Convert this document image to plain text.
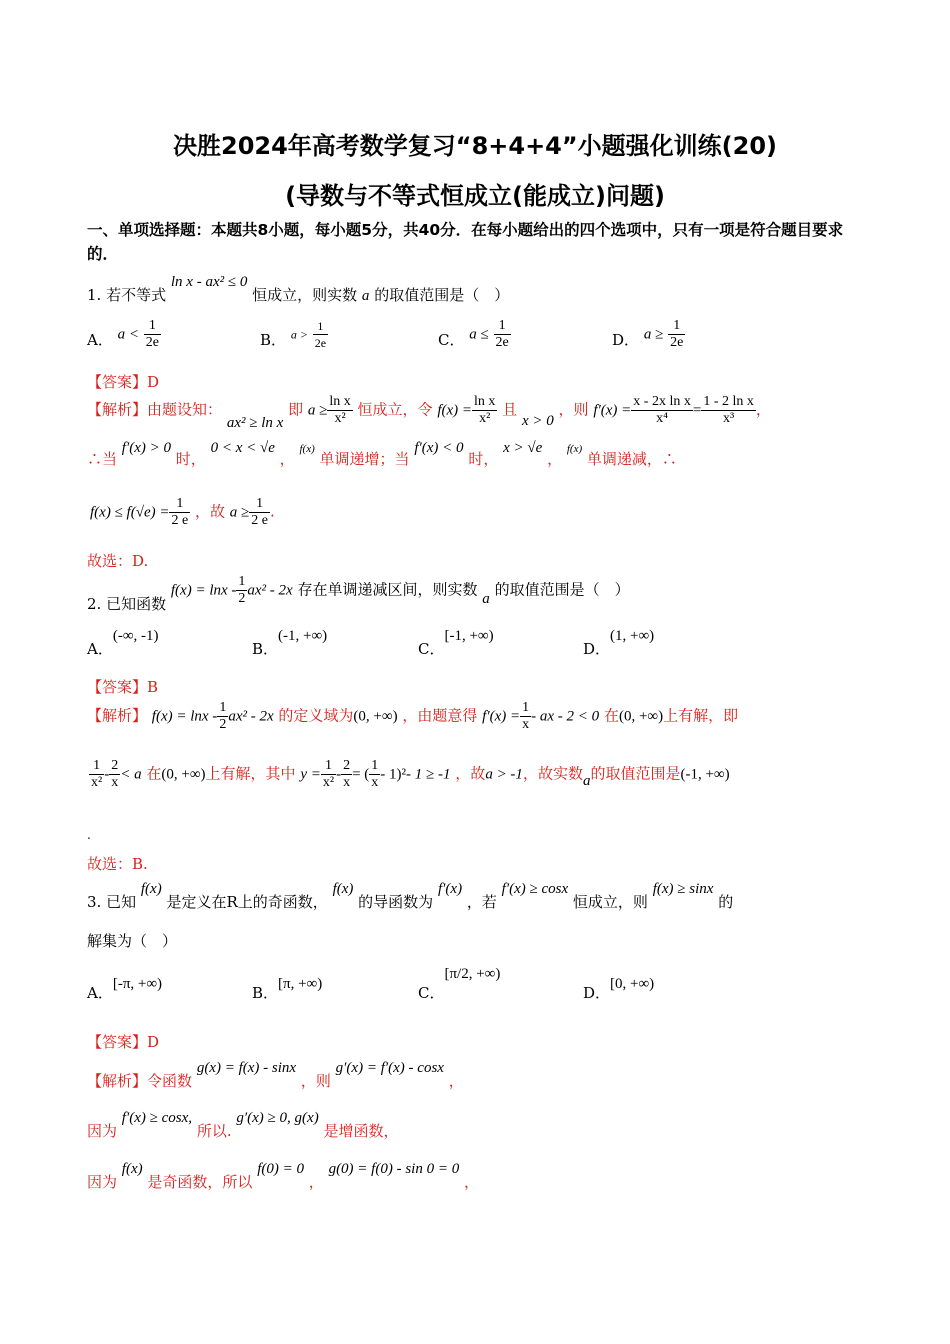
决胜2024年高考数学复习“8+4+4”小题强化训练(20)
(导数与不等式恒成立(能成立)问题)
一、单项选择题：本题共8小题，每小题5分，共40分．在每小题给出的四个选项中，只有一项是符合题目要求的．
1. 若不等式 ln x - ax² ≤ 0 恒成立，则实数 a 的取值范围是（　）
A． $a < \frac{1}{2e}$	B． $a > \frac{1}{2e}$	C． $a \le \frac{1}{2e}$	D． $a \ge \frac{1}{2e}$
【答案】D
【解析】由题设知： ax² ≥ ln x 即 $a \ge \frac{\text{ln x}}{\text{x²}}$ 恒成立，令 $f(x) = \frac{\text{ln x}}{\text{x²}}$ 且 x > 0 ，则 $f'(x) = \frac{\text{x - 2x ln x}}{\text{x⁴}} = \frac{\text{1 - 2 ln x}}{\text{x³}}$ ，
∴当 f′(x) > 0 时， 0 < x < √e ， $^{f(x)}$ 单调递增；当 f′(x) < 0 时， x > √e ， $^{f(x)}$ 单调递减，∴
$f(x) \le f(√e) = \frac{1}{2 e}$ ，故 $a \ge \frac{1}{2 e}$ .
故选：D.
2. 已知函数 $f(x) = \ln x - \frac{1}{2} ax^2 - 2x$ 存在单调递减区间，则实数 a 的取值范围是（　）
A．(-∞, -1)
B．(-1, +∞)
C．[-1, +∞)
D．(1, +∞)
【答案】B
【解析】 $f(x) = \ln x - \frac{1}{2} ax^2 - 2x$ 的定义域为(0, +∞) ，由题意得 $f'(x) = \frac{1}{x}$ - ax - 2 < 0 在(0, +∞)上有解，即
$\frac{1}{\text{x²}} - \frac{2}{x} < a$ 在(0, +∞)上有解，其中 $y = \frac{1}{\text{x²}} - \frac{2}{x}$ = ( $\frac{1}{x} - 1)^2-$ 1 ≥ -1 ，故a > -1，故实数a的取值范围是(-1, +∞)
.
故选：B.
3. 已知 f(x) 是定义在R上的奇函数， f(x) 的导函数为 f′(x) ，若 f′(x) ≥ cosx 恒成立，则 f(x) ≥ sinx 的
解集为（　）
A．[-π, +∞)	B．[π, +∞)	C．[π/2, +∞)
D．[0, +∞)
【答案】D
【解析】令函数 g(x) = f(x) - sinx ，则 g′(x) = f′(x) - cosx ，
因为 f′(x) ≥ cosx, 所以. g′(x) ≥ 0, g(x) 是增函数，
因为 f(x) 是奇函数，所以 f(0) = 0 ， g(0) = f(0) - sin 0 = 0 ，
